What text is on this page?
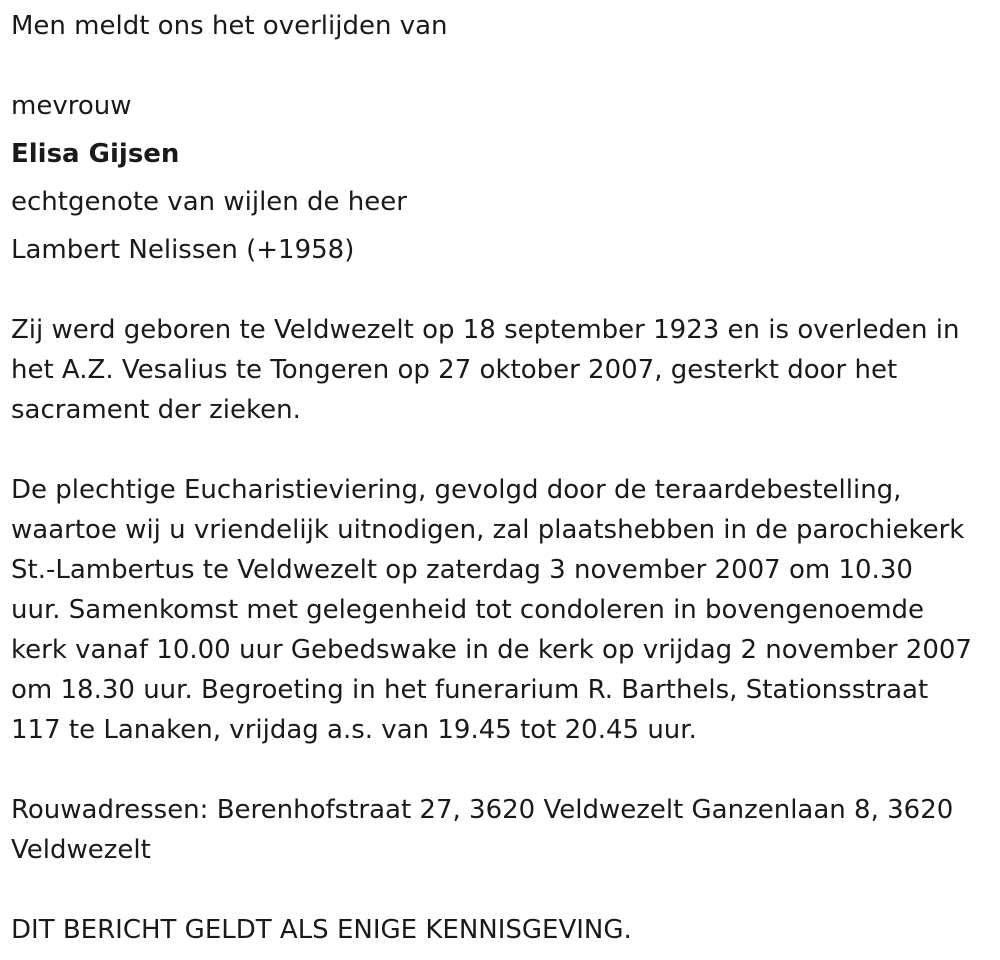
Men meldt ons het overlijden van

mevrouw

Elisa Gijsen

echtgenote van wijlen de heer

Lambert Nelissen (+1958)

Zij werd geboren te Veldwezelt op 18 september 1923 en is overleden in
het A.Z. Vesalius te Tongeren op 27 oktober 2007, gesterkt door het
sacrament der zieken.
De plechtige Eucharistieviering, gevolgd door de teraardebestelling,
waartoe wij u vriendelijk uitnodigen, zal plaatshebben in de parochiekerk
St.-Lambertus te Veldwezelt op zaterdag 3 november 2007 om 10.30
uur. Samenkomst met gelegenheid tot condoleren in bovengenoemde
kerk vanaf 10.00 uur Gebedswake in de kerk op vrijdag 2 november 2007
om 18.30 uur. Begroeting in het funerarium R. Barthels, Stationsstraat
117 te Lanaken, vrijdag a.s. van 19.45 tot 20.45 uur.
Rouwadressen: Berenhofstraat 27, 3620 Veldwezelt Ganzenlaan 8, 3620
Veldwezelt

DIT BERICHT GELDT ALS ENIGE KENNISGEVING.
